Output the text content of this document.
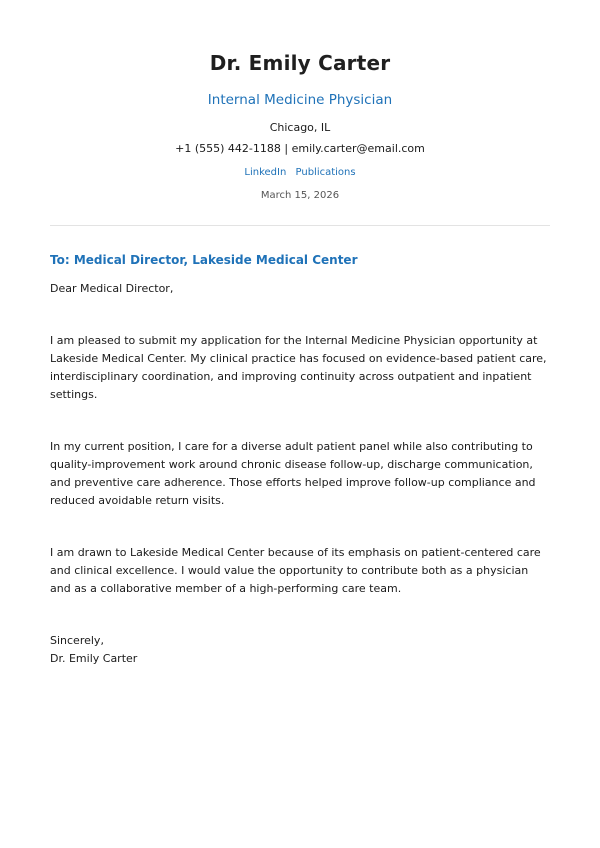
Dr. Emily Carter
Internal Medicine Physician
Chicago, IL
+1 (555) 442-1188 | emily.carter@email.com
LinkedIn Publications
March 15, 2026
To: Medical Director, Lakeside Medical Center
Dear Medical Director,
I am pleased to submit my application for the Internal Medicine Physician opportunity at Lakeside Medical Center. My clinical practice has focused on evidence-based patient care, interdisciplinary coordination, and improving continuity across outpatient and inpatient settings.
In my current position, I care for a diverse adult patient panel while also contributing to quality-improvement work around chronic disease follow-up, discharge communication, and preventive care adherence. Those efforts helped improve follow-up compliance and reduced avoidable return visits.
I am drawn to Lakeside Medical Center because of its emphasis on patient-centered care and clinical excellence. I would value the opportunity to contribute both as a physician and as a collaborative member of a high-performing care team.
Sincerely,
Dr. Emily Carter
